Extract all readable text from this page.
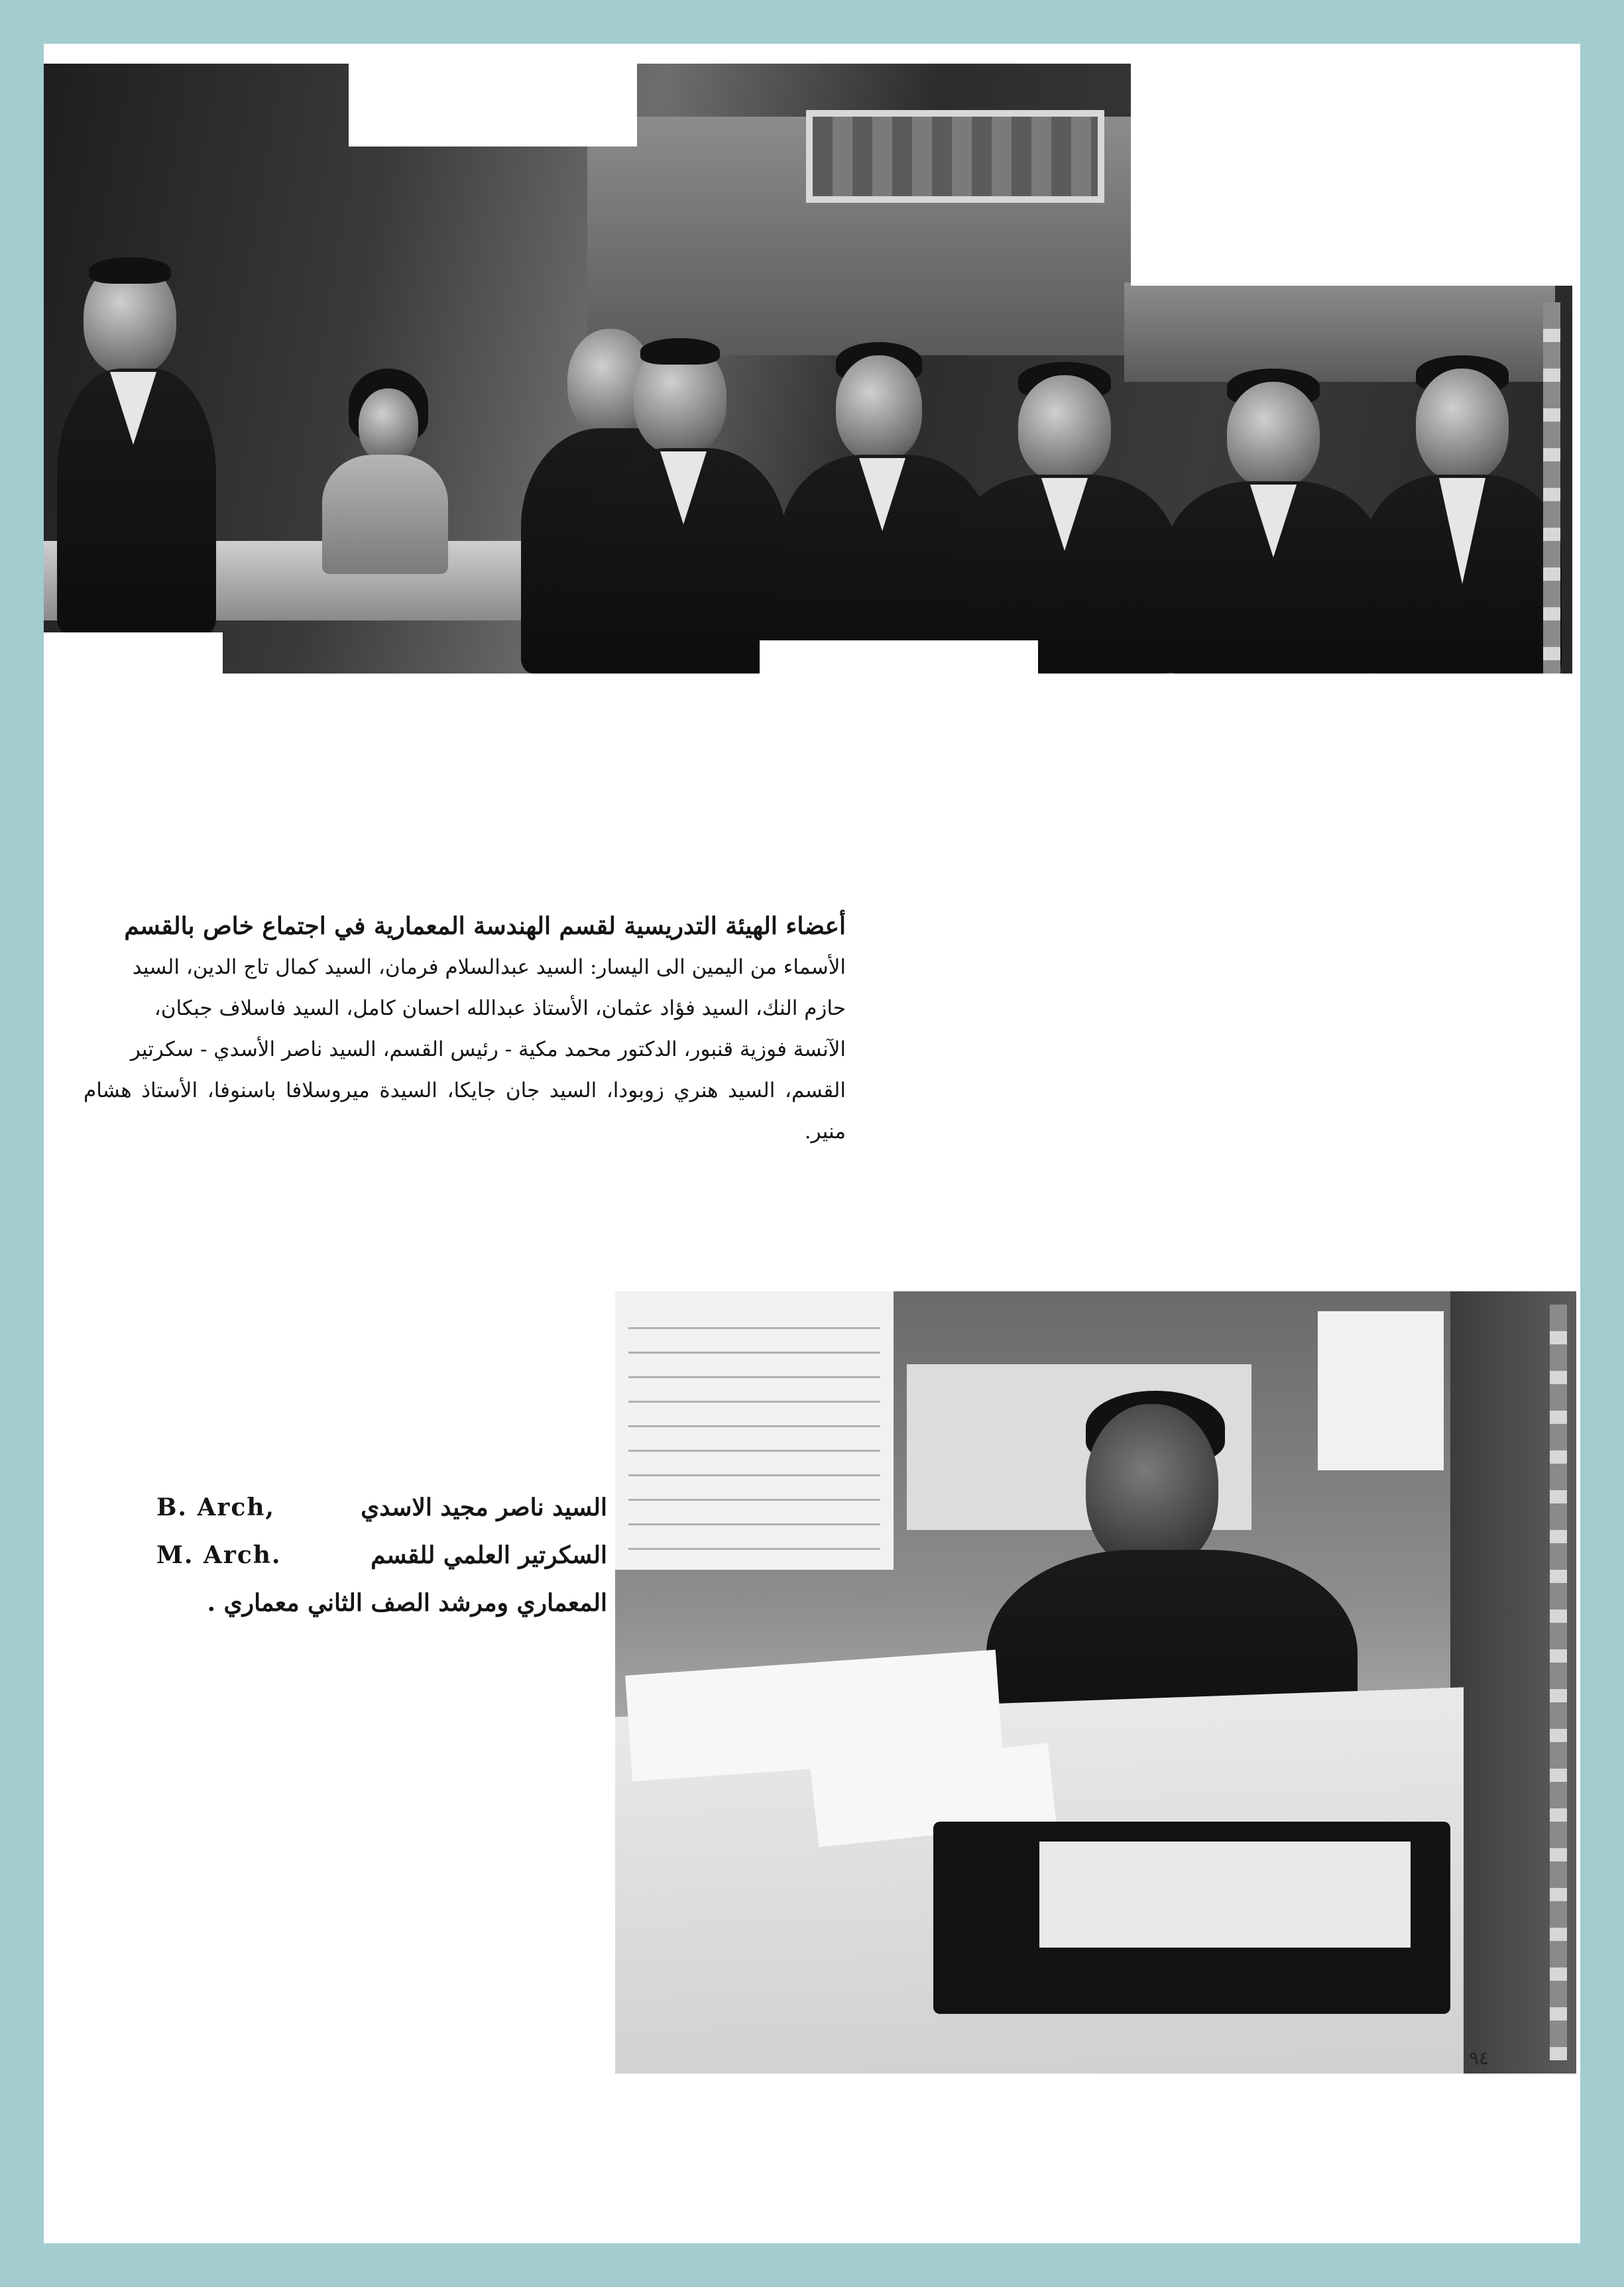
أعضاء الهيئة التدريسية لقسم الهندسة المعمارية في اجتماع خاص بالقسم
الأسماء من اليمين الى اليسار: السيد عبدالسلام فرمان، السيد كمال تاج الدين، السيد
حازم النك، السيد فؤاد عثمان، الأستاذ عبدالله احسان كامل، السيد فاسلاف جبكان،
الآنسة فوزية قنبور، الدكتور محمد مكية - رئيس القسم، السيد ناصر الأسدي - سكرتير
القسم، السيد هنري زوبودا، السيد جان جايكا، السيدة ميروسلافا باسنوفا، الأستاذ هشام منير.
B. Arch,	السيد ناصر مجيد الاسدي
M. Arch.	السكرتير العلمي للقسم
المعماري ومرشد الصف الثاني معماري .
٩٤
